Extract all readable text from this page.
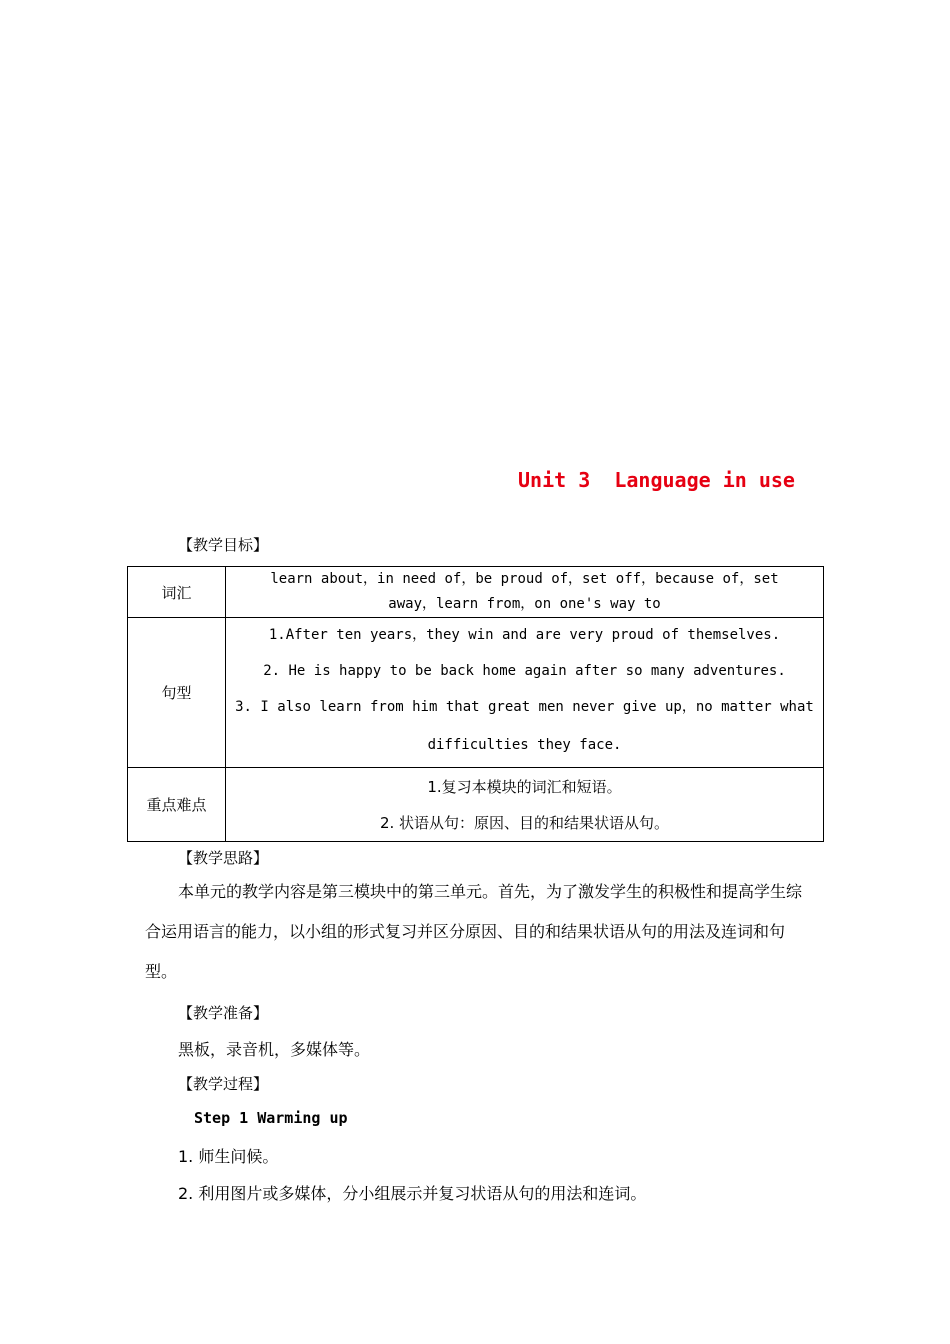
Unit 3  Language in use
【教学目标】
词汇	learn about，in need of，be proud of，set off，because of，set
away，learn from，on one's way to

句型	1.After ten years，they win and are very proud of themselves.
2. He is happy to be back home again after so many adventures.
3. I also learn from him that great men never give up，no matter what
difficulties they face.

重点难点	1.复习本模块的词汇和短语。
2. 状语从句：原因、目的和结果状语从句。
【教学思路】
本单元的教学内容是第三模块中的第三单元。首先，为了激发学生的积极性和提高学生综合运用语言的能力，以小组的形式复习并区分原因、目的和结果状语从句的用法及连词和句型。
【教学准备】
黑板，录音机，多媒体等。
【教学过程】
Step 1 Warming up
1. 师生问候。
2. 利用图片或多媒体，分小组展示并复习状语从句的用法和连词。
